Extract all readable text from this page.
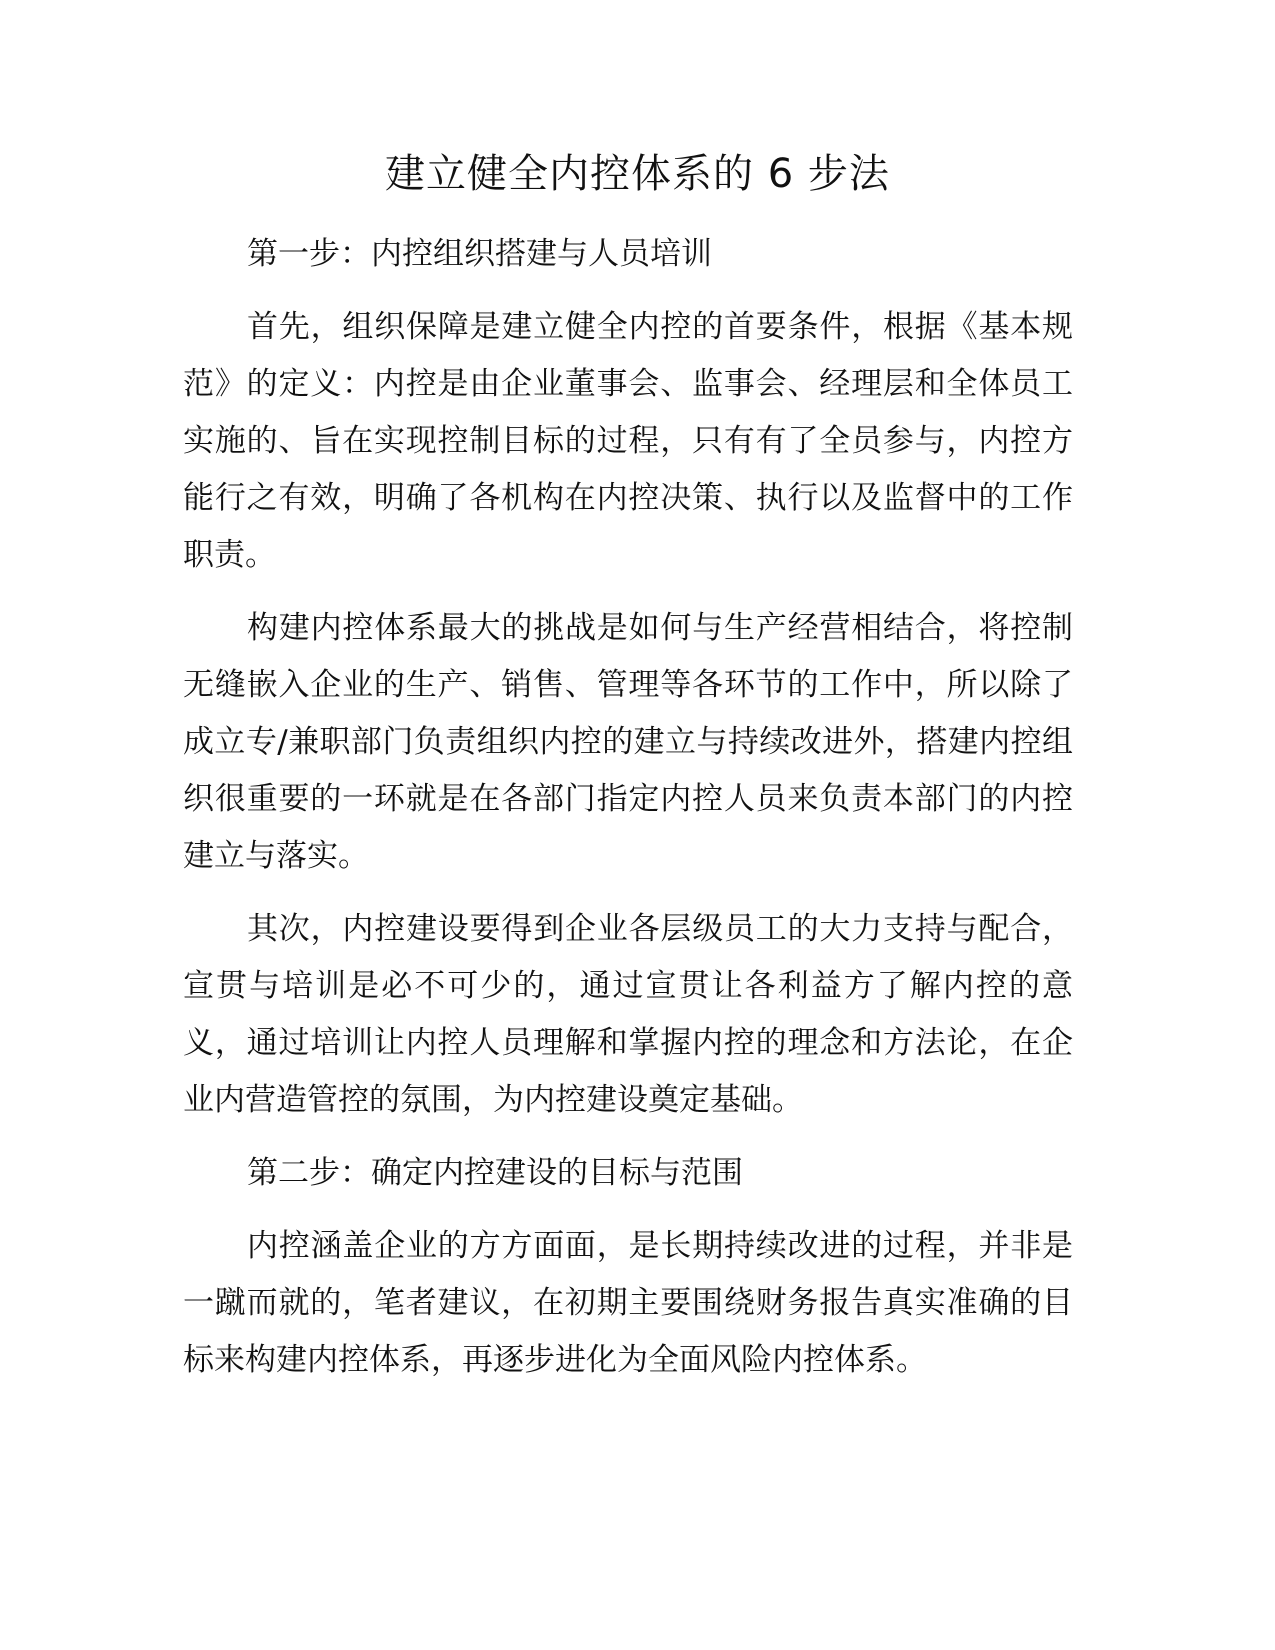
建立健全内控体系的 6 步法

第一步：内控组织搭建与人员培训

首先，组织保障是建立健全内控的首要条件，根据《基本规范》的定义：内控是由企业董事会、监事会、经理层和全体员工实施的、旨在实现控制目标的过程，只有有了全员参与，内控方能行之有效，明确了各机构在内控决策、执行以及监督中的工作职责。

构建内控体系最大的挑战是如何与生产经营相结合，将控制无缝嵌入企业的生产、销售、管理等各环节的工作中，所以除了成立专/兼职部门负责组织内控的建立与持续改进外，搭建内控组织很重要的一环就是在各部门指定内控人员来负责本部门的内控建立与落实。

其次，内控建设要得到企业各层级员工的大力支持与配合，宣贯与培训是必不可少的，通过宣贯让各利益方了解内控的意义，通过培训让内控人员理解和掌握内控的理念和方法论，在企业内营造管控的氛围，为内控建设奠定基础。

第二步：确定内控建设的目标与范围

内控涵盖企业的方方面面，是长期持续改进的过程，并非是一蹴而就的，笔者建议，在初期主要围绕财务报告真实准确的目标来构建内控体系，再逐步进化为全面风险内控体系。
